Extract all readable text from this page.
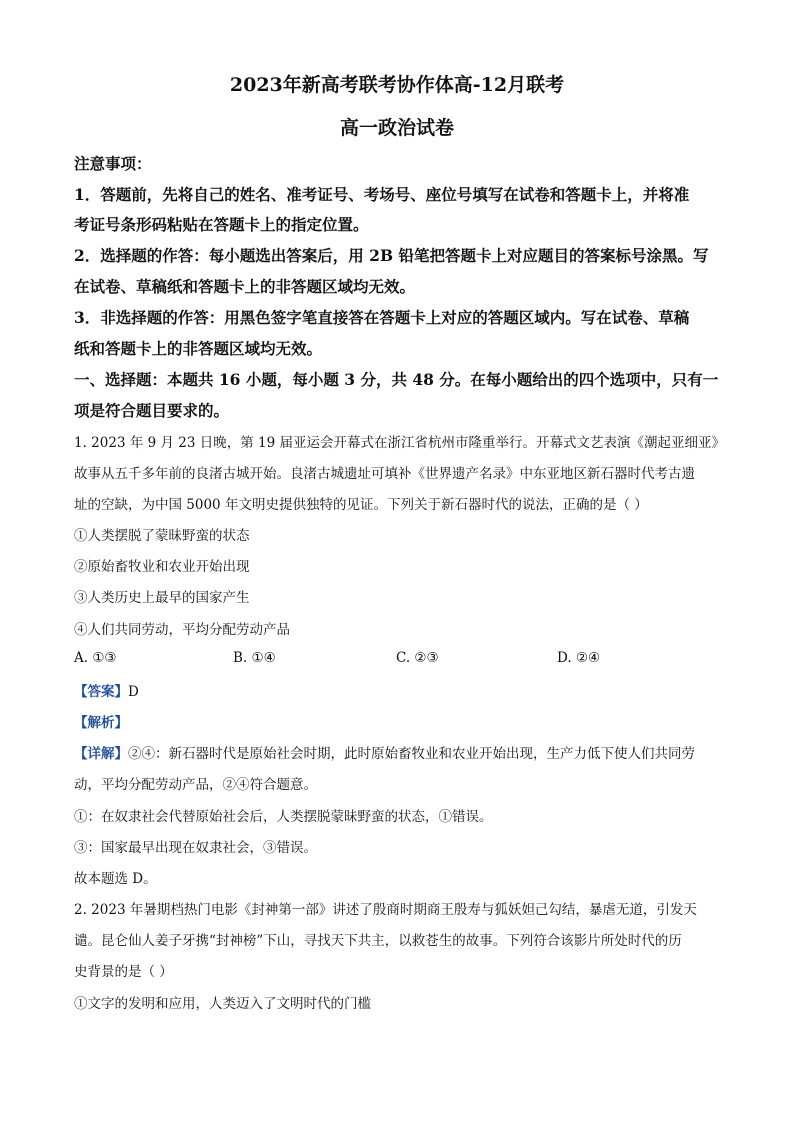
2023年新高考联考协作体高-12月联考
高一政治试卷
注意事项：
1．答题前，先将自己的姓名、准考证号、考场号、座位号填写在试卷和答题卡上，并将准
考证号条形码粘贴在答题卡上的指定位置。
2．选择题的作答：每小题选出答案后，用 2B 铅笔把答题卡上对应题目的答案标号涂黑。写
在试卷、草稿纸和答题卡上的非答题区域均无效。
3．非选择题的作答：用黑色签字笔直接答在答题卡上对应的答题区域内。写在试卷、草稿
纸和答题卡上的非答题区域均无效。
一、选择题：本题共 16 小题，每小题 3 分，共 48 分。在每小题给出的四个选项中，只有一
项是符合题目要求的。
1. 2023 年 9 月 23 日晚，第 19 届亚运会开幕式在浙江省杭州市隆重举行。开幕式文艺表演《潮起亚细亚》
故事从五千多年前的良渚古城开始。良渚古城遗址可填补《世界遗产名录》中东亚地区新石器时代考古遗
址的空缺，为中国 5000 年文明史提供独特的见证。下列关于新石器时代的说法，正确的是（ ）
①人类摆脱了蒙昧野蛮的状态
②原始畜牧业和农业开始出现
③人类历史上最早的国家产生
④人们共同劳动，平均分配劳动产品
A. ①③	B. ①④	C. ②③	D. ②④
【答案】D
【解析】
【详解】②④：新石器时代是原始社会时期，此时原始畜牧业和农业开始出现，生产力低下使人们共同劳
动，平均分配劳动产品，②④符合题意。
①：在奴隶社会代替原始社会后，人类摆脱蒙昧野蛮的状态，①错误。
③：国家最早出现在奴隶社会，③错误。
故本题选 D。
2. 2023 年暑期档热门电影《封神第一部》讲述了殷商时期商王殷寿与狐妖妲己勾结，暴虐无道，引发天
谴。昆仑仙人姜子牙携“封神榜”下山，寻找天下共主，以救苍生的故事。下列符合该影片所处时代的历
史背景的是（ ）
①文字的发明和应用，人类迈入了文明时代的门槛
